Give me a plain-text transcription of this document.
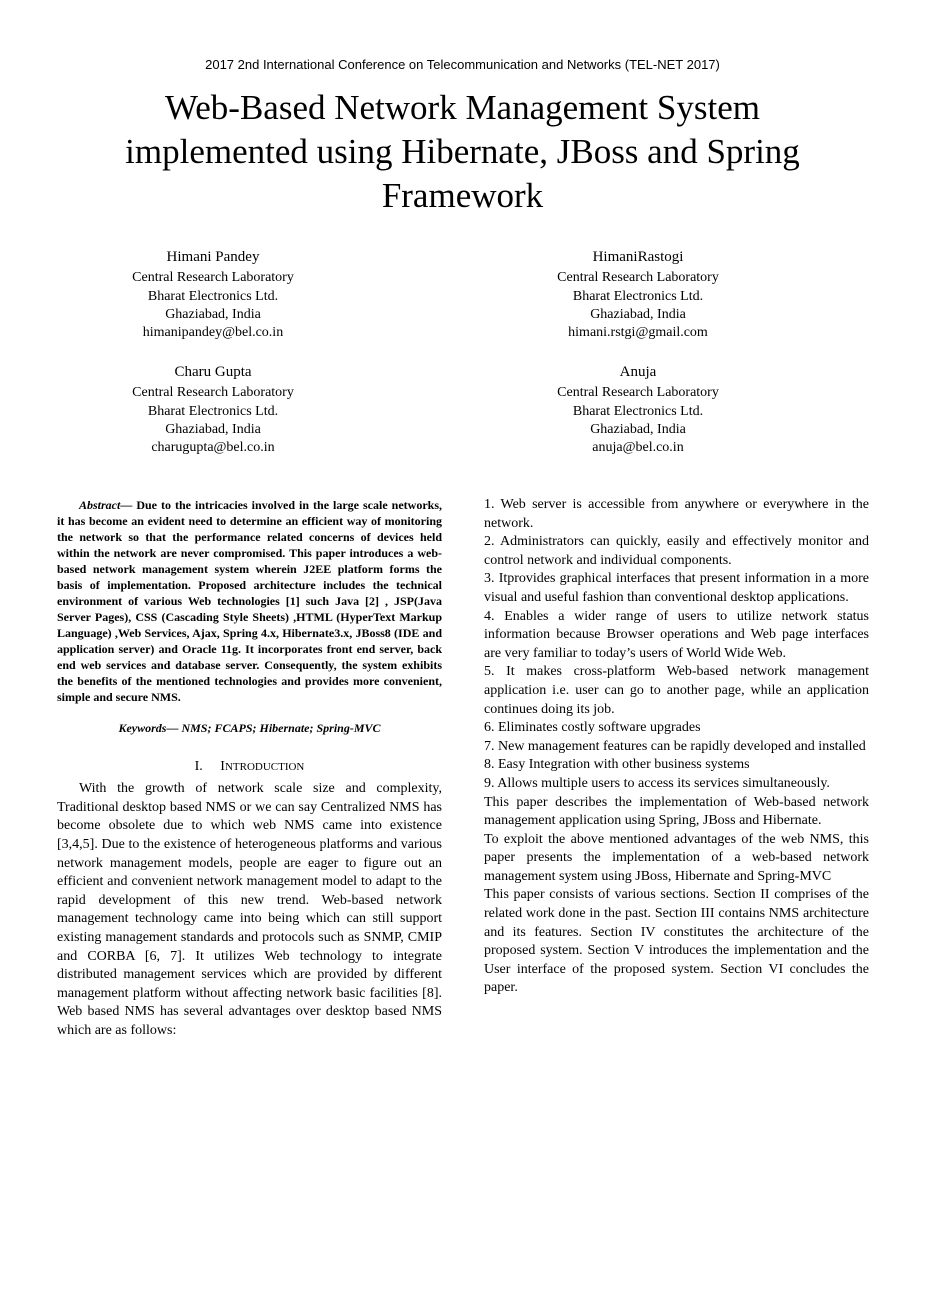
2017 2nd International Conference on Telecommunication and Networks (TEL-NET 2017)
Web-Based Network Management System
implemented using Hibernate, JBoss and Spring
Framework
Himani Pandey
Central Research Laboratory
Bharat Electronics Ltd.
Ghaziabad, India
himanipandey@bel.co.in
HimaniRastogi
Central Research Laboratory
Bharat Electronics Ltd.
Ghaziabad, India
himani.rstgi@gmail.com
Charu Gupta
Central Research Laboratory
Bharat Electronics Ltd.
Ghaziabad, India
charugupta@bel.co.in
Anuja
Central Research Laboratory
Bharat Electronics Ltd.
Ghaziabad, India
anuja@bel.co.in

Abstract— Due to the intricacies involved in the large scale networks, it has become an evident need to determine an efficient way of monitoring the network so that the performance related concerns of devices held within the network are never compromised. This paper introduces a web-based network management system wherein J2EE platform forms the basis of implementation. Proposed architecture includes the technical environment of various Web technologies [1] such Java [2] , JSP(Java Server Pages), CSS (Cascading Style Sheets) ,HTML (HyperText Markup Language) ,Web Services, Ajax, Spring 4.x, Hibernate3.x, JBoss8 (IDE and application server) and Oracle 11g. It incorporates front end server, back end web services and database server. Consequently, the system exhibits the benefits of the mentioned technologies and provides more convenient, simple and secure NMS.

Keywords— NMS; FCAPS; Hibernate; Spring-MVC

I. INTRODUCTION

With the growth of network scale size and complexity, Traditional desktop based NMS or we can say Centralized NMS has become obsolete due to which web NMS came into existence [3,4,5]. Due to the existence of heterogeneous platforms and various network management models, people are eager to figure out an efficient and convenient network management model to adapt to the rapid development of this new trend. Web-based network management technology came into being which can still support existing management standards and protocols such as SNMP, CMIP and CORBA [6, 7]. It utilizes Web technology to integrate distributed management services which are provided by different management platform without affecting network basic facilities [8]. Web based NMS has several advantages over desktop based NMS which are as follows:

1. Web server is accessible from anywhere or everywhere in the network.

2. Administrators can quickly, easily and effectively monitor and control network and individual components.

3. Itprovides graphical interfaces that present information in a more visual and useful fashion than conventional desktop applications.

4. Enables a wider range of users to utilize network status information because Browser operations and Web page interfaces are very familiar to today’s users of World Wide Web.

5. It makes cross-platform Web-based network management application i.e. user can go to another page, while an application continues doing its job.

6. Eliminates costly software upgrades

7. New management features can be rapidly developed and installed

8. Easy Integration with other business systems

9. Allows multiple users to access its services simultaneously.

This paper describes the implementation of Web-based network management application using Spring, JBoss and Hibernate.

To exploit the above mentioned advantages of the web NMS, this paper presents the implementation of a web-based network management system using JBoss, Hibernate and Spring-MVC

This paper consists of various sections. Section II comprises of the related work done in the past. Section III contains NMS architecture and its features. Section IV constitutes the architecture of the proposed system. Section V introduces the implementation and the User interface of the proposed system. Section VI concludes the paper.
